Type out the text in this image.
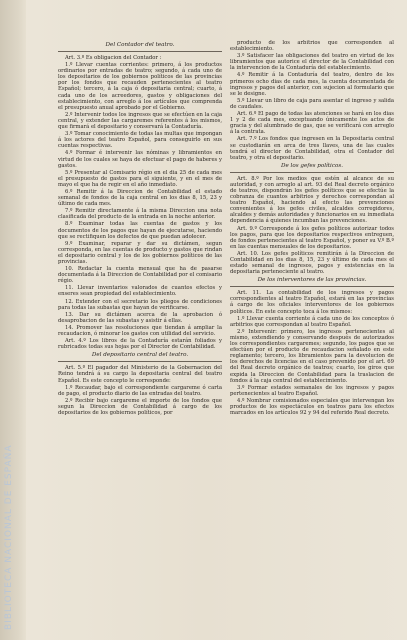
BIBLIOTECA NACIONAL DE ESPAÑA
Del Contador del teatro.

Art. 3.º Es obligacion del Contador :

1.º Llevar cuentas corrientes: primero, á los productos ordinarios por entradas de teatro; segundo, á cada uno de los depositarios de los gobiernos políticos de las provincias por los fondos que recauden pertenecientes al teatro Español; tercero, á la caja ó depositaria central; cuarto, á cada uno de los acreedores, gastos y obligaciones del establecimiento, con arreglo á los artículos que comprenda el presupuesto anual aprobado por el Gobierno.

2.º Intervenir todos los ingresos que se efectúen en la caja central, y extender las cargaremes referentes á los mismos, que firmará el depositario y conservará la Contaduría.

3.º Tomar conocimiento de todas las multas que impongan á los actores del teatro Español, para conseguirlo en sus cuentas respectivas.

4.º Formar é intervenir las nóminas y libramientos en virtud de los cuales se haya de efectuar el pago de haberes y gastos.

5.º Presentar al Comisario régio en el dia 25 de cada mes el presupuesto de gastos para el siguiente, y en el mes de mayo el que ha de regir en el año inmediato.

6.º Remitir á la Direccion de Contabilidad el estado semanal de fondos de la caja central en los dias 8, 15, 23 y último de cada mes.

7.º Remitir directamente á la misma Direccion una nota clasificada del producto de la entrada en la noche anterior.

8.º Examinar todas las cuentas de gastos y los documentos de los pagos que hayan de ejecutarse, haciendo que se rectifiquen los defectos de que puedan adolecer.

9.º Examinar, reparar y dar su dictámen, segun corresponda, en las cuentas de producto y gastos que rindan el depositario central y los de los gobiernos políticos de las provincias.

10. Redactar la cuenta mensual que ha de pasarse documentada á la Direccion de Contabilidad por el comisario régio.

11. Llevar inventarios valorados de cuantos efectos y enseres sean propiedad del establecimiento.

12. Extender con el secretario los pliegos de condiciones para todas las subastas que hayan de verificarse.

13. Dar su dictámen acerca de la aprobacion ó desaprobacion de las subastas y asistir á ellas.

14. Promover las resoluciones que tiendan á ampliar la recaudacion, ó minorar los gastos con utilidad del servicio.

Art. 4.º Los libros de la Contaduría estarán foliados y rubricados todas sus hojas por el Director de Contabilidad.

Del depositario central del teatro.

Art. 5.º El pagador del Ministerio de la Gobernacion del Reino tendrá á su cargo la depositaria central del teatro Español. Es este concepto le corresponde:

1.º Recaudar, bajo el correspondiente cargareme ó carta de pago, el producto diario de las entradas del teatro.

2.º Recibir bajo cargareme el importe de los fondos que segun la Direccion de Contabilidad á cargo de los depositarios de los gobiernos políticos, por

producto de los arbitrios que corresponden al establecimiento.

3.º Satisfacer las obligaciones del teatro en virtud de los libramientos que autorice el director de la Contabilidad con la intervencion de la Contaduría del establecimiento.

4.º Remitir á la Contaduría del teatro, dentro de los primeros ocho dias de cada mes, la cuenta documentada de ingresos y pagos del anterior, con sujecion al formulario que se le designe.

5.º Llevar un libro de caja para asentar el ingreso y salida de caudales.

Art. 6.º El pago de todas las atenciones se hará en los dias 1 y 2 de cada mes, exceptuando únicamente los actos de gracia y del alumbrado de gas, que se verificará con arreglo á la contrata.

Art. 7.º Los fondos que ingresen en la Depositaria central se custodiarán en arca de tres llaves, una de las cuales tendrá el director de Contabilidad, otra el Contador del teatro, y otra el depositario.

De los gefes políticos.

Art. 8.º Por los medios que estén al alcance de su autoridad, y con arreglo al art. 93 del Real decreto orgánico de teatros, dispondrán los gefes políticos que se efectúe la cobranza de cuantos arbitrios y derechos correspondan al teatro Español, haciendo al efecto las prevenciones convenientes á los gefes civiles, alcaldes corregidores, alcaldes y demás autoridades y funcionarios en su inmediata dependencia á quienes incumban las prevenciones.

Art. 9.º Corresponde á los gefes políticos autorizar todos los pagos, para que los depositarios respectivos entreguen, de fondos pertenecientes al teatro Español, y poner su V.º B.º en las cuentas mensuales de los depositarios.

Art. 10. Los gefes políticos remitirán á la Direccion de Contabilidad en los dias 8, 15, 23 y último de cada mes el estado semanal de ingresos, pagos y existencias en la depositaria perteneciente al teatro.

De los interventores de las provincias.

Art. 11. La contabilidad de los ingresos y pagos correspondientes al teatro Español, estará en las provincias á cargo de los oficiales interventores de los gobiernos políticos. En este concepto toca á los mismos:

1.º Llevar cuenta corriente á cada uno de los conceptos ó arbitrios que correspondan al teatro Español.

2.º Intervenir: primero, los ingresos pertenecientes al mismo, extendiendo y conservando después de autorizados los correspondientes cargaremes; segundo, los pagos que se efectúen por el producto de recaudacion señalado en este reglamento; tercero, los libramientos para la devolucion de los derechos de licencias en el caso prevenido por el art. 69 del Real decreto orgánico de teatros; cuarto, los giros que expida la Direccion de Contabilidad para la traslacion de fondos á la caja central del establecimiento.

3.º Formar estados semanales de los ingresos y pagos pertenecientes al teatro Español.

4.º Nombrar comisionados especiales que intervengan los productos de los espectáculos en teatros para los efectos marcados en los artículos 92 y 94 del referido Real decreto.
